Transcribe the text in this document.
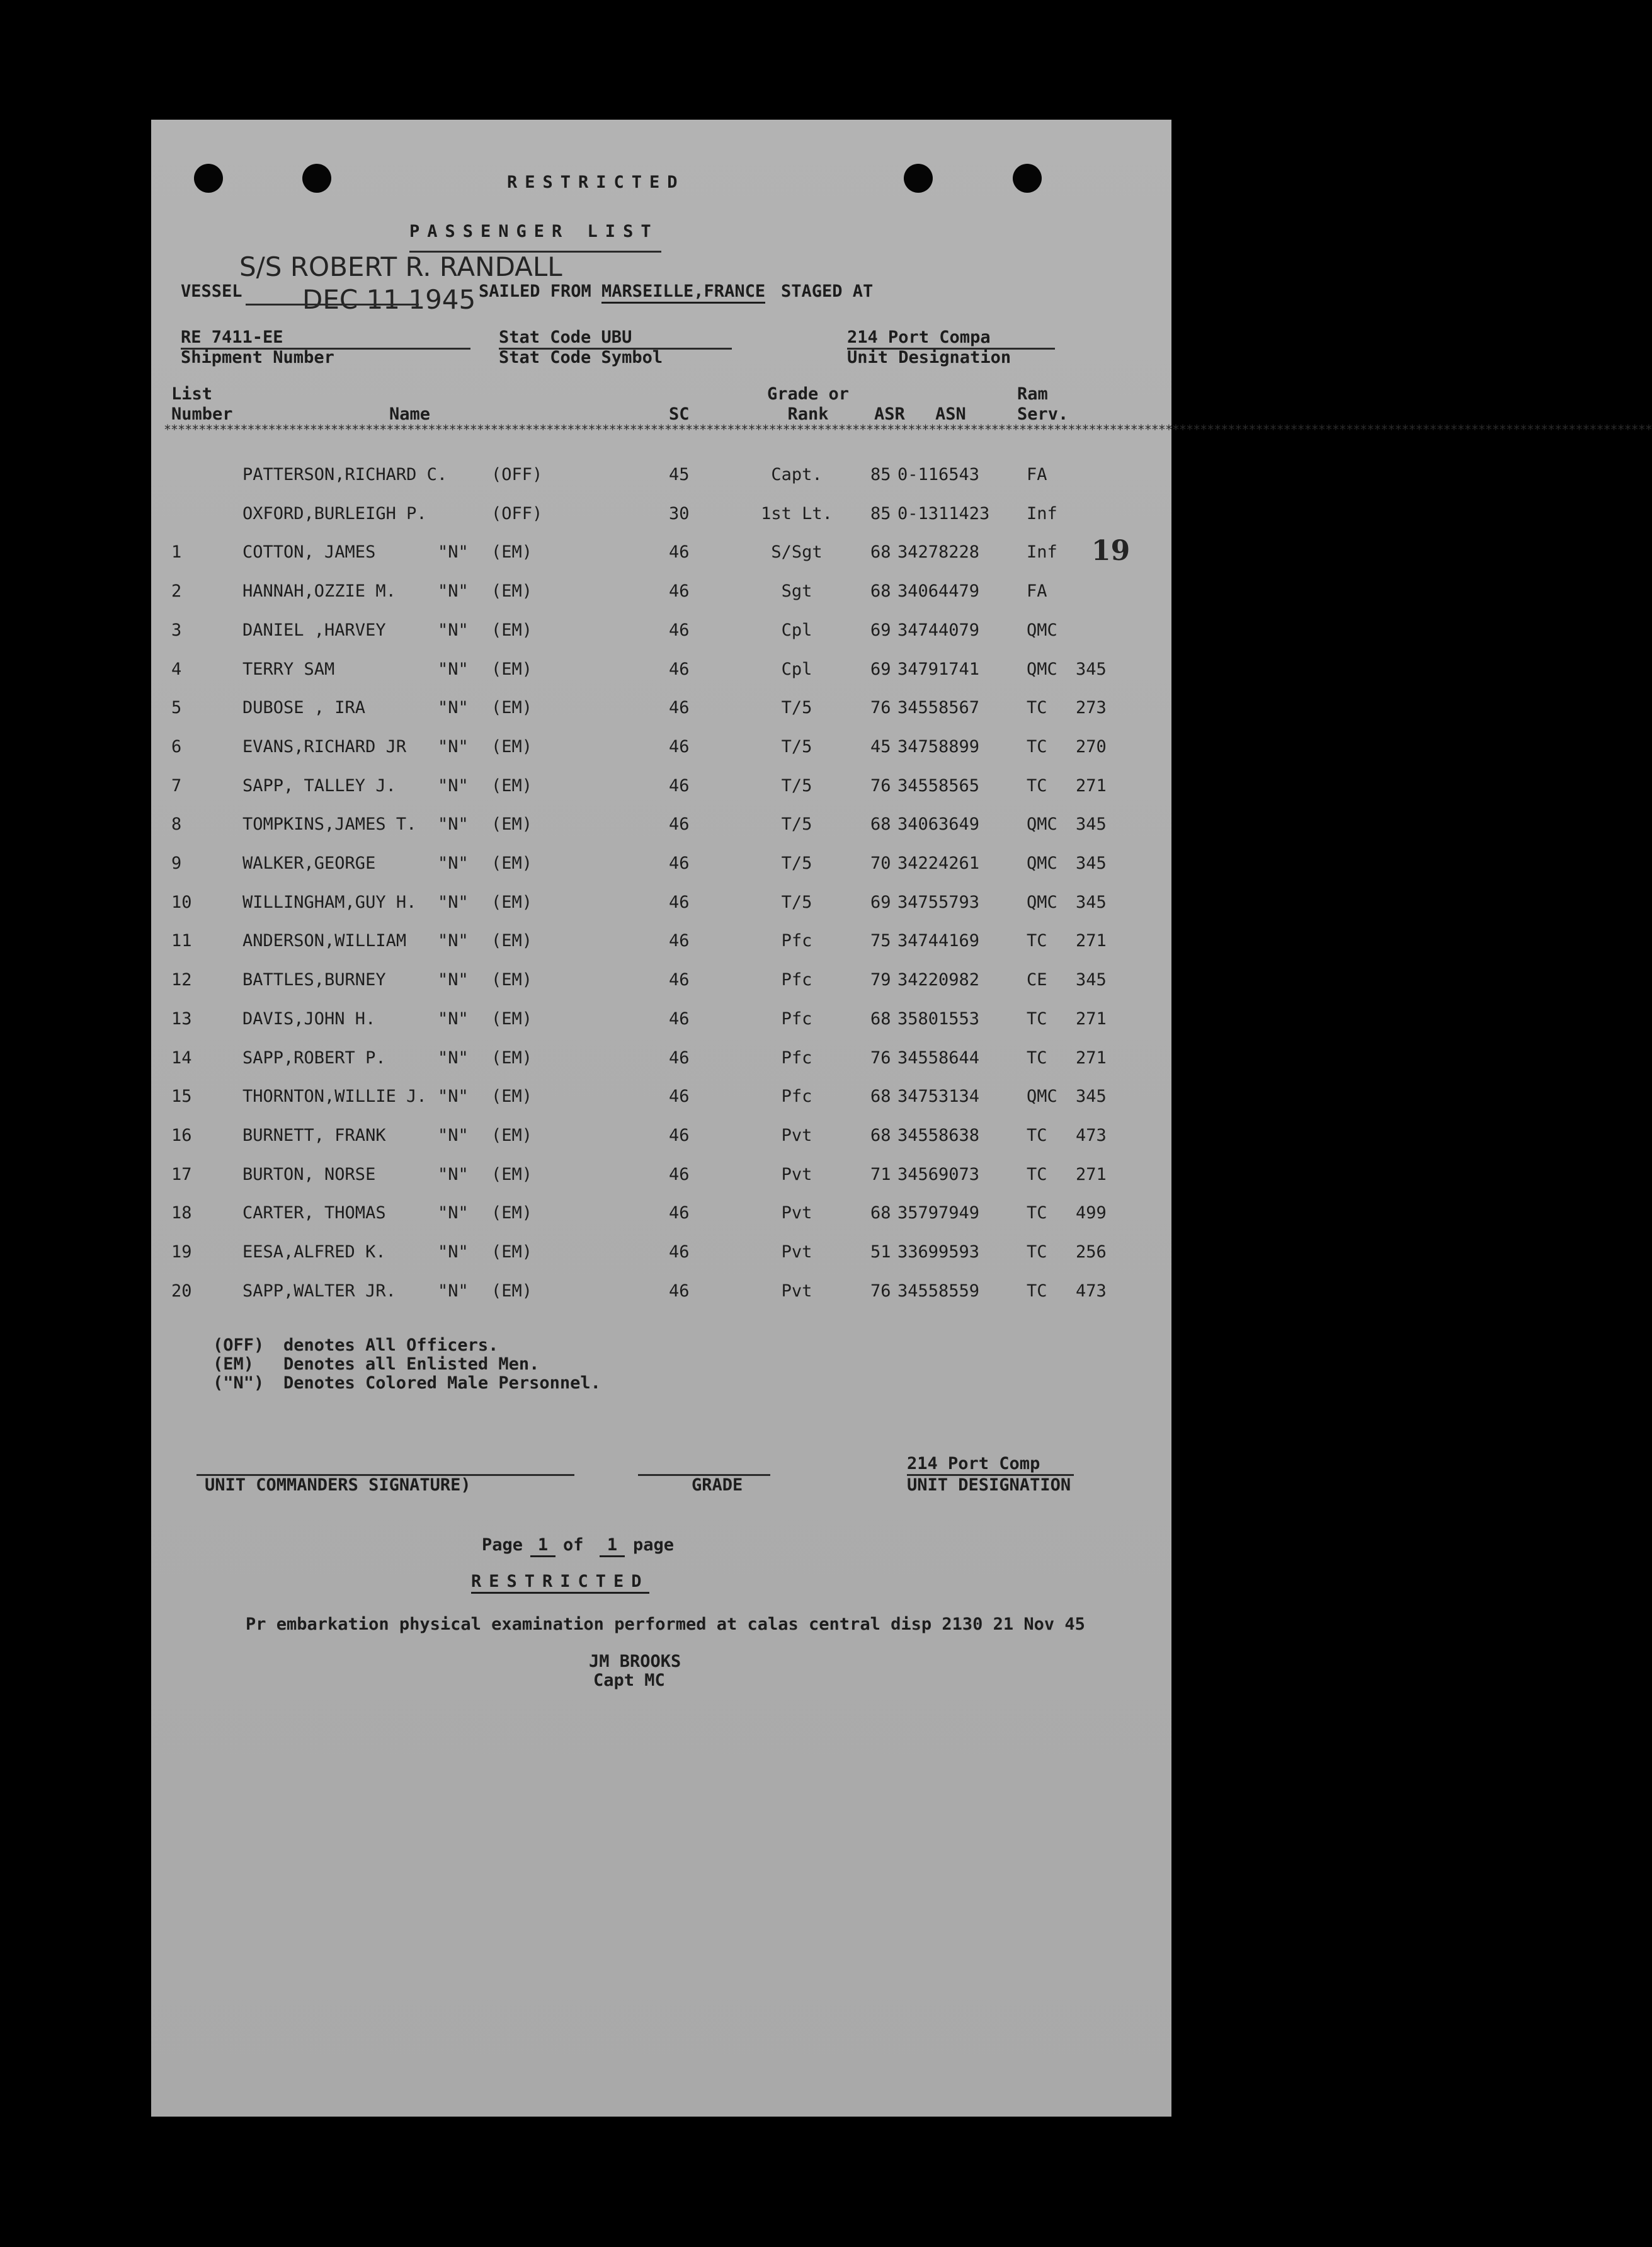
RESTRICTED
PASSENGER LIST
VESSEL
S/S ROBERT R. RANDALL
DEC 11 1945 SAILED FROM MARSEILLE,FRANCE STAGED AT
RE 7411-EE
Shipment Number
Stat Code UBU
Stat Code Symbol
214 Port Compa
Unit Designation
List
Number	Name	SC
Grade or
Rank	ASR ASN
Ram
Serv.
**********************************************************************************************************************************************************************************************************************
PATTERSON,RICHARD C.	(OFF)	45	Capt.	85 0-116543	FA
OXFORD,BURLEIGH P.	(OFF)	30	1st Lt.	85 0-1311423 Inf
1	COTTON, JAMES	"N" (EM)	46	S/Sgt	68 34278228	Inf
2	HANNAH,OZZIE M. "N" (EM)	46	Sgt	68 34064479	FA
3	DANIEL ,HARVEY	"N" (EM)	46	Cpl	69 34744079	QMC
4	TERRY SAM	"N" (EM)	46	Cpl	69 34791741	QMC 345
5	DUBOSE , IRA	"N" (EM)	46	T/5	76 34558567	TC 273
6	EVANS,RICHARD JR "N" (EM)	46	T/5	45 34758899	TC 270
7	SAPP, TALLEY J. "N" (EM)	46	T/5	76 34558565	TC 271
8	TOMPKINS,JAMES T. "N" (EM)	46	T/5	68 34063649	QMC 345
9	WALKER,GEORGE	"N" (EM)	46	T/5	70 34224261	QMC 345
10	WILLINGHAM,GUY H. "N" (EM)	46	T/5	69 34755793	QMC 345
11	ANDERSON,WILLIAM "N" (EM)	46	Pfc	75 34744169	TC 271
12	BATTLES,BURNEY	"N" (EM)	46	Pfc	79 34220982	CE 345
13	DAVIS,JOHN H.	"N" (EM)	46	Pfc	68 35801553	TC 271
14	SAPP,ROBERT P.	"N" (EM)	46	Pfc	76 34558644	TC 271
15	THORNTON,WILLIE J. "N" (EM)	46	Pfc	68 34753134	QMC 345
16	BURNETT, FRANK	"N" (EM)	46	Pvt	68 34558638	TC 473
17	BURTON, NORSE	"N" (EM)	46	Pvt	71 34569073	TC 271
18	CARTER, THOMAS	"N" (EM)	46	Pvt	68 35797949	TC 499
19	EESA,ALFRED K.	"N" (EM)	46	Pvt	51 33699593	TC 256
20	SAPP,WALTER JR. "N" (EM)	46	Pvt	76 34558559	TC 473
19
(OFF) denotes All Officers.
(EM) Denotes all Enlisted Men.
("N") Denotes Colored Male Personnel.
UNIT COMMANDERS SIGNATURE)	GRADE
214 Port Comp
UNIT DESIGNATION
Page 1 of	1 page
RESTRICTED
Pr embarkation physical examination performed at calas central disp 2130 21 Nov 45
JM BROOKS
Capt MC
